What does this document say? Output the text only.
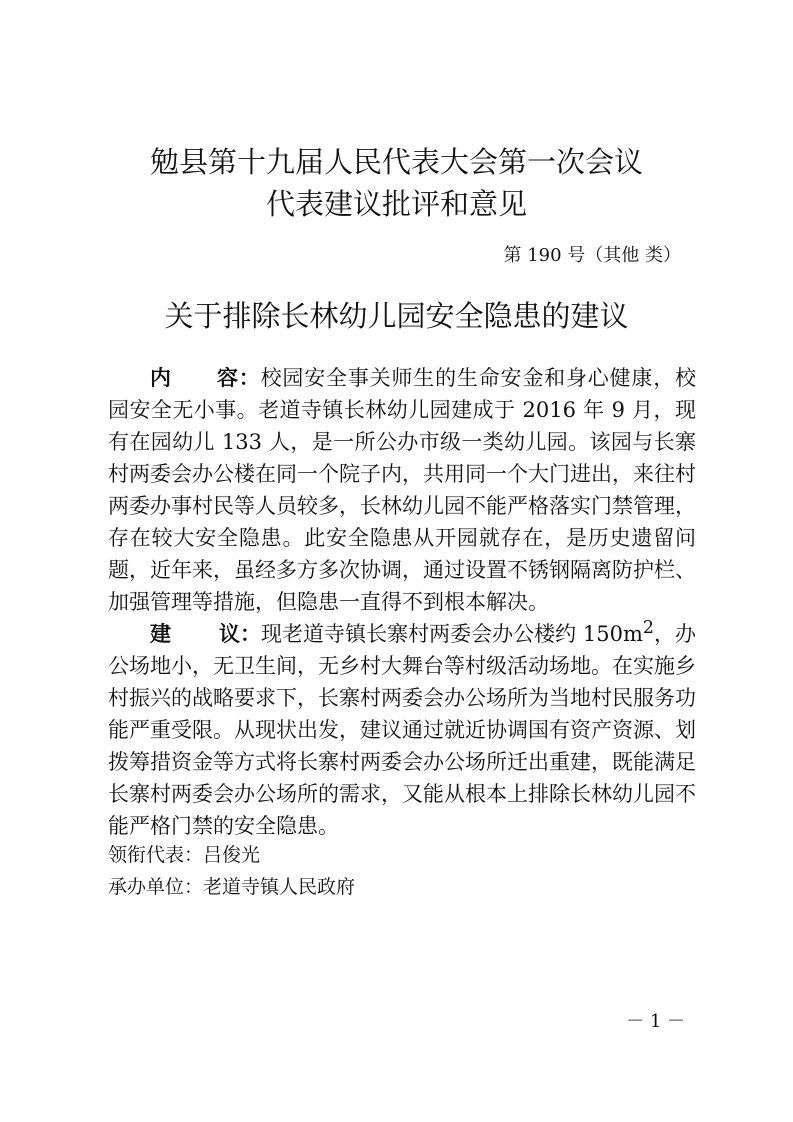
勉县第十九届人民代表大会第一次会议
代表建议批评和意见
第 190 号（其他 类）
关于排除长林幼儿园安全隐患的建议

内 容：校园安全事关师生的生命安金和身心健康，校园安全无小事。老道寺镇长林幼儿园建成于 2016 年 9 月，现有在园幼儿 133 人，是一所公办市级一类幼儿园。该园与长寨村两委会办公楼在同一个院子内，共用同一个大门进出，来往村两委办事村民等人员较多，长林幼儿园不能严格落实门禁管理，存在较大安全隐患。此安全隐患从开园就存在，是历史遗留问题，近年来，虽经多方多次协调，通过设置不锈钢隔离防护栏、加强管理等措施，但隐患一直得不到根本解决。

建 议：现老道寺镇长寨村两委会办公楼约 $150m^2$，办公场地小，无卫生间，无乡村大舞台等村级活动场地。在实施乡村振兴的战略要求下，长寨村两委会办公场所为当地村民服务功能严重受限。从现状出发，建议通过就近协调国有资产资源、划拨筹措资金等方式将长寨村两委会办公场所迁出重建，既能满足长寨村两委会办公场所的需求，又能从根本上排除长林幼儿园不能严格门禁的安全隐患。

领衔代表：吕俊光
承办单位：老道寺镇人民政府
－ 1 －
